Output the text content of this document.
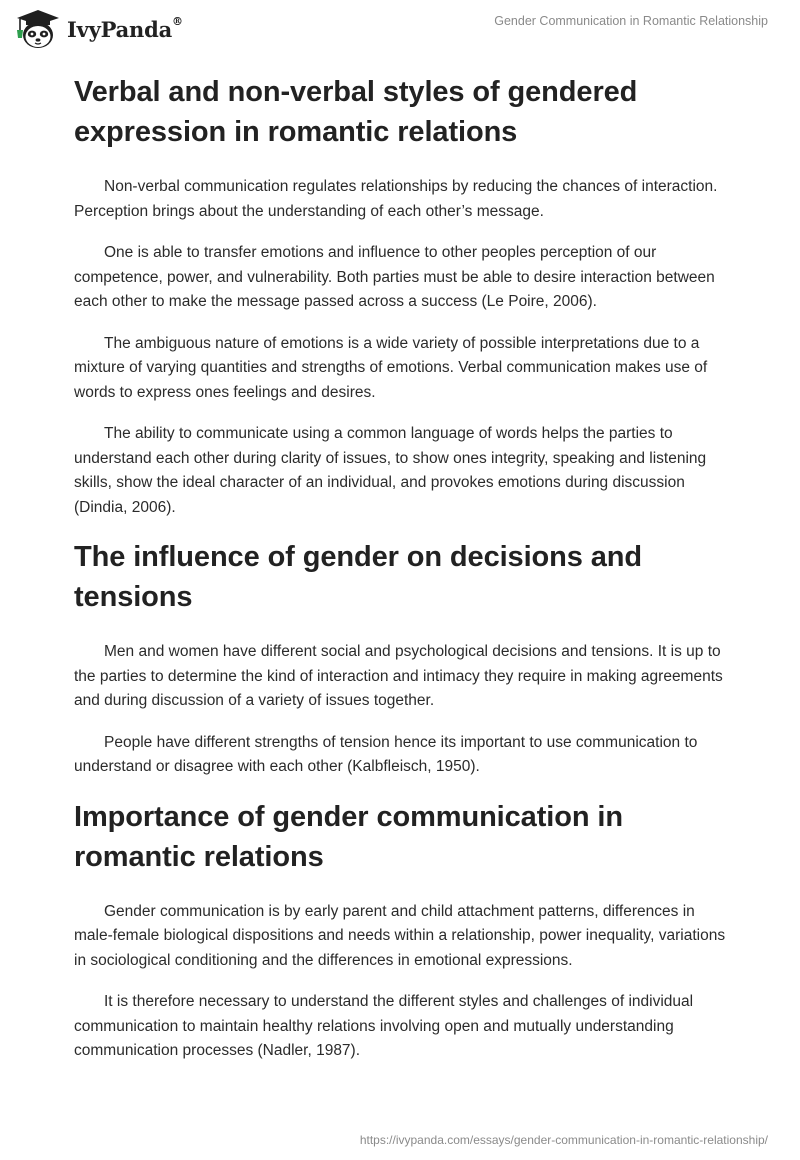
IvyPanda®	Gender Communication in Romantic Relationship
Verbal and non-verbal styles of gendered expression in romantic relations

Non-verbal communication regulates relationships by reducing the chances of interaction. Perception brings about the understanding of each other’s message.

One is able to transfer emotions and influence to other peoples perception of our competence, power, and vulnerability. Both parties must be able to desire interaction between each other to make the message passed across a success (Le Poire, 2006).

The ambiguous nature of emotions is a wide variety of possible interpretations due to a mixture of varying quantities and strengths of emotions. Verbal communication makes use of words to express ones feelings and desires.

The ability to communicate using a common language of words helps the parties to understand each other during clarity of issues, to show ones integrity, speaking and listening skills, show the ideal character of an individual, and provokes emotions during discussion (Dindia, 2006).

The influence of gender on decisions and tensions

Men and women have different social and psychological decisions and tensions. It is up to the parties to determine the kind of interaction and intimacy they require in making agreements and during discussion of a variety of issues together.

People have different strengths of tension hence its important to use communication to understand or disagree with each other (Kalbfleisch, 1950).

Importance of gender communication in romantic relations

Gender communication is by early parent and child attachment patterns, differences in male-female biological dispositions and needs within a relationship, power inequality, variations in sociological conditioning and the differences in emotional expressions.

It is therefore necessary to understand the different styles and challenges of individual communication to maintain healthy relations involving open and mutually understanding communication processes (Nadler, 1987).

https://ivypanda.com/essays/gender-communication-in-romantic-relationship/
